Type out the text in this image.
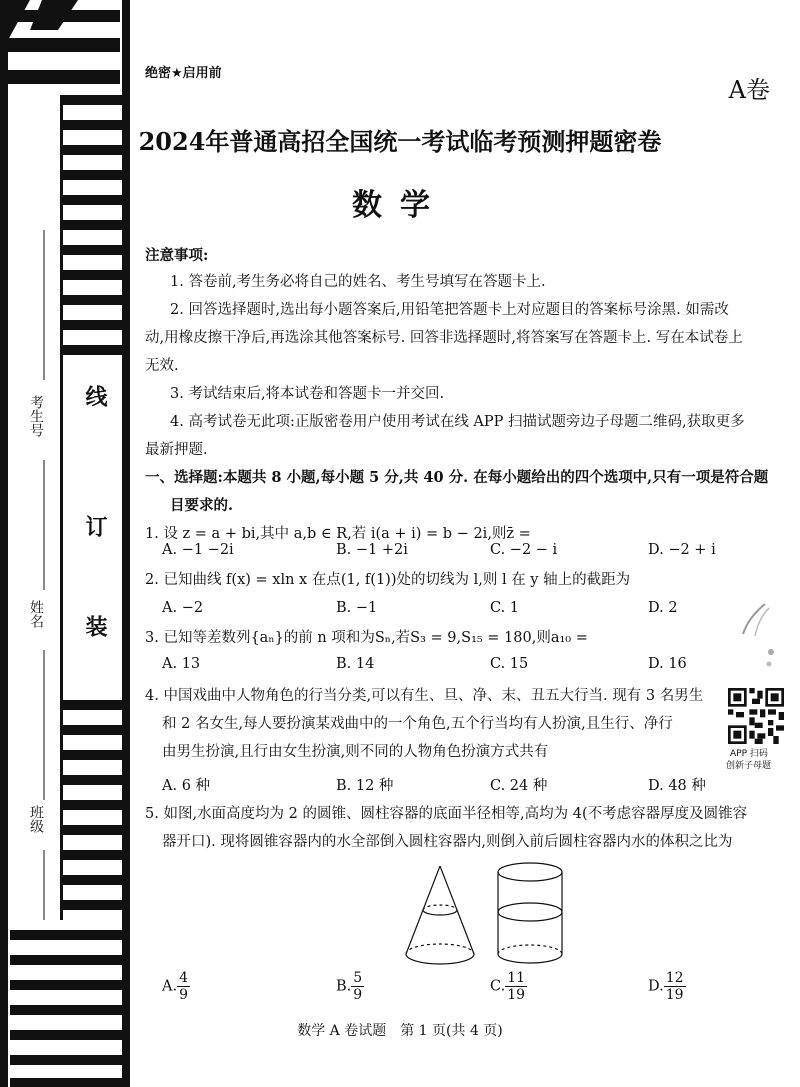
考生号
姓名
班级
线
订
装
绝密★启用前
A卷
2024年普通高招全国统一考试临考预测押题密卷
数学
注意事项:
1. 答卷前,考生务必将自己的姓名、考生号填写在答题卡上.
2. 回答选择题时,选出每小题答案后,用铅笔把答题卡上对应题目的答案标号涂黑. 如需改
动,用橡皮擦干净后,再选涂其他答案标号. 回答非选择题时,将答案写在答题卡上. 写在本试卷上
无效.
3. 考试结束后,将本试卷和答题卡一并交回.
4. 高考试卷无此项:正版密卷用户使用考试在线 APP 扫描试题旁边子母题二维码,获取更多
最新押题.
一、选择题:本题共 8 小题,每小题 5 分,共 40 分. 在每小题给出的四个选项中,只有一项是符合题
目要求的.
1. 设 z = a + bi,其中 a,b ∈ R,若 i(a + i) = b − 2i,则z̄ =
A. −1 −2i	B. −1 +2i	C. −2 − i	D. −2 + i
2. 已知曲线 f(x) = xln x 在点(1, f(1))处的切线为 l,则 l 在 y 轴上的截距为
A. −2	B. −1	C. 1	D. 2
3. 已知等差数列{aₙ}的前 n 项和为Sₙ,若S₃ = 9,S₁₅ = 180,则a₁₀ =
A. 13	B. 14	C. 15	D. 16
4. 中国戏曲中人物角色的行当分类,可以有生、旦、净、末、丑五大行当. 现有 3 名男生
和 2 名女生,每人要扮演某戏曲中的一个角色,五个行当均有人扮演,且生行、净行
由男生扮演,且行由女生扮演,则不同的人物角色扮演方式共有
A. 6 种	B. 12 种	C. 24 种	D. 48 种
APP 扫码
创新子母题
5. 如图,水面高度均为 2 的圆锥、圆柱容器的底面半径相等,高均为 4(不考虑容器厚度及圆锥容
器开口). 现将圆锥容器内的水全部倒入圆柱容器内,则倒入前后圆柱容器内水的体积之比为
A. $\frac{4}{9}$	B. $\frac{5}{9}$	C. $\frac{11}{19}$	D. $\frac{12}{19}$
数学 A 卷试题　第 1 页(共 4 页)
